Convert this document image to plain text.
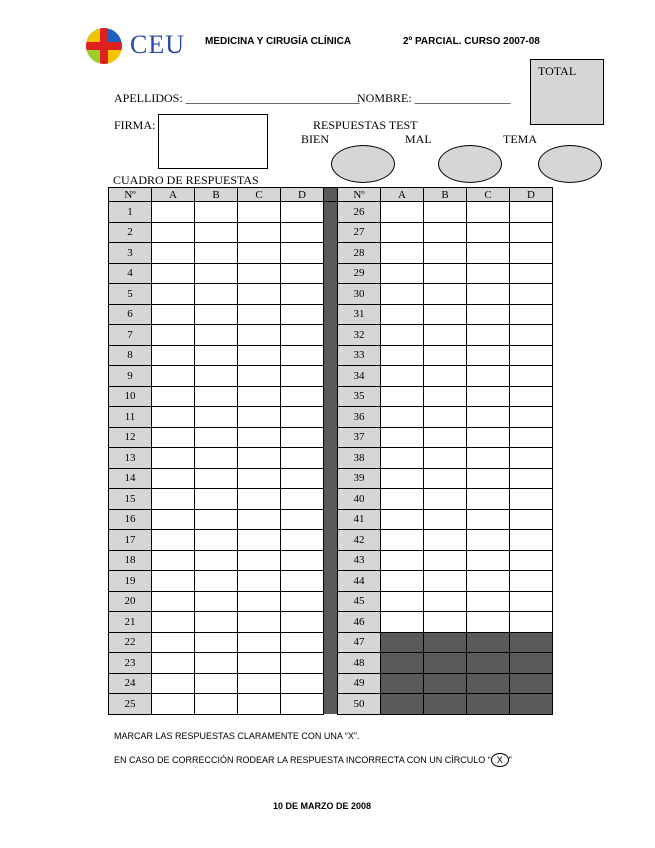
CEU MEDICINA Y CIRUGÍA CLÍNICA	2º PARCIAL. CURSO 2007-08
TOTAL
APELLIDOS: _____________________________
NOMBRE: ________________
FIRMA:	RESPUESTAS TEST
BIEN	MAL	TEMA
CUADRO DE RESPUESTAS
Nº	A	B	C	D		Nº	A	B	C	D
1						26				
2						27				
3						28				
4						29				
5						30				
6						31				
7						32				
8						33				
9						34				
10						35				
11						36				
12						37				
13						38				
14						39				
15						40				
16						41				
17						42				
18						43				
19						44				
20						45				
21						46				
22						47				
23						48				
24						49				
25						50				
MARCAR LAS RESPUESTAS CLARAMENTE CON UNA “X”.
EN CASO DE CORRECCIÓN RODEAR LA RESPUESTA INCORRECTA CON UN CÍRCULO “ X ”
10 DE MARZO DE 2008
